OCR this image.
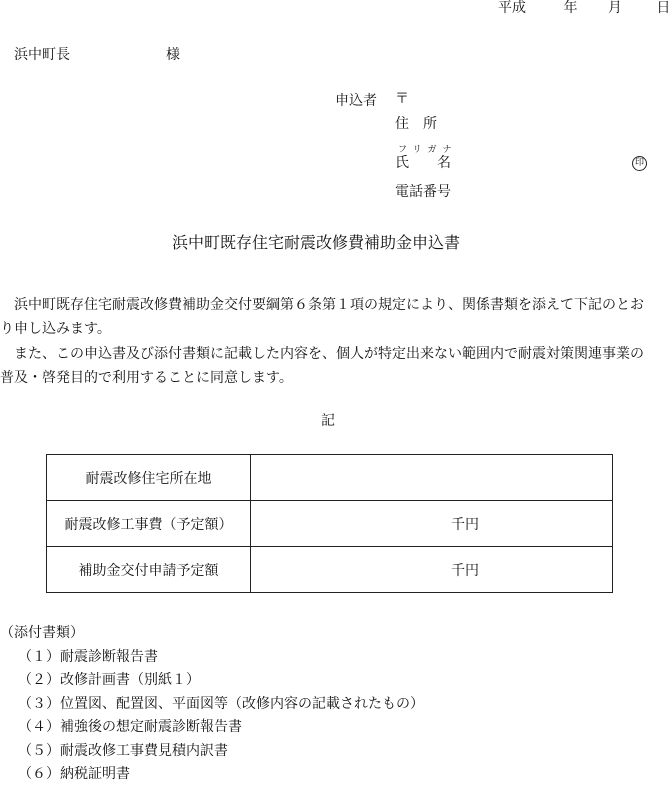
平成	年 月 日
浜中町長	様
申込者 〒
住　所
フリガナ
氏　　名	印
電話番号
浜中町既存住宅耐震改修費補助金申込書
　浜中町既存住宅耐震改修費補助金交付要綱第６条第１項の規定により、関係書類を添えて下記のとおり申し込みます。
　また、この申込書及び添付書類に記載した内容を、個人が特定出来ない範囲内で耐震対策関連事業の普及・啓発目的で利用することに同意します。
記
耐震改修住宅所在地	
耐震改修工事費（予定額）	千円
補助金交付申請予定額	千円
（添付書類）
（１）耐震診断報告書
（２）改修計画書（別紙１）
（３）位置図、配置図、平面図等（改修内容の記載されたもの）
（４）補強後の想定耐震診断報告書
（５）耐震改修工事費見積内訳書
（６）納税証明書
